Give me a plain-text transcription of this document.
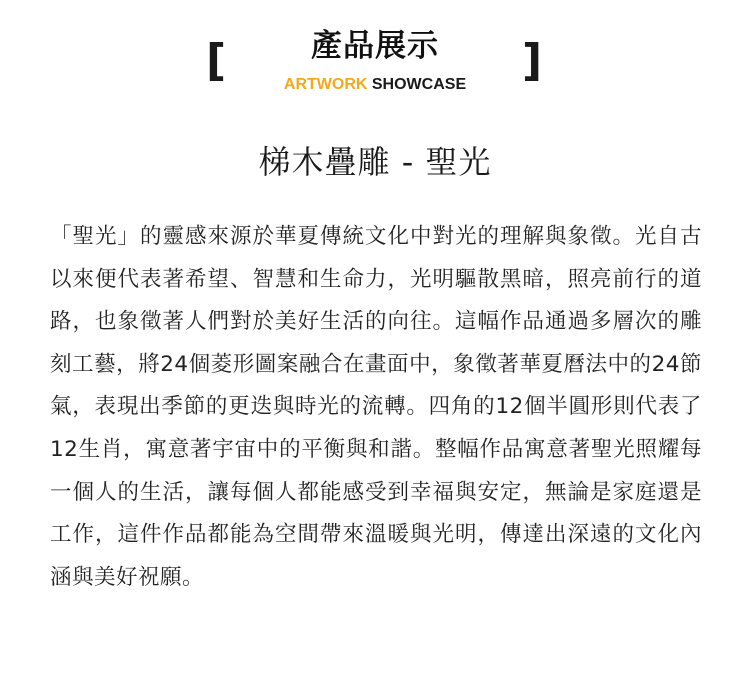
[	產品展示
ARTWORK SHOWCASE	]
梯木疊雕 - 聖光

「聖光」的靈感來源於華夏傳統文化中對光的理解與象徵。光自古以來便代表著希望、智慧和生命力，光明驅散黑暗，照亮前行的道路，也象徵著人們對於美好生活的向往。這幅作品通過多層次的雕刻工藝，將24個菱形圖案融合在畫面中，象徵著華夏曆法中的24節氣，表現出季節的更迭與時光的流轉。四角的12個半圓形則代表了12生肖，寓意著宇宙中的平衡與和諧。整幅作品寓意著聖光照耀每一個人的生活，讓每個人都能感受到幸福與安定，無論是家庭還是工作，這件作品都能為空間帶來溫暖與光明，傳達出深遠的文化內涵與美好祝願。
